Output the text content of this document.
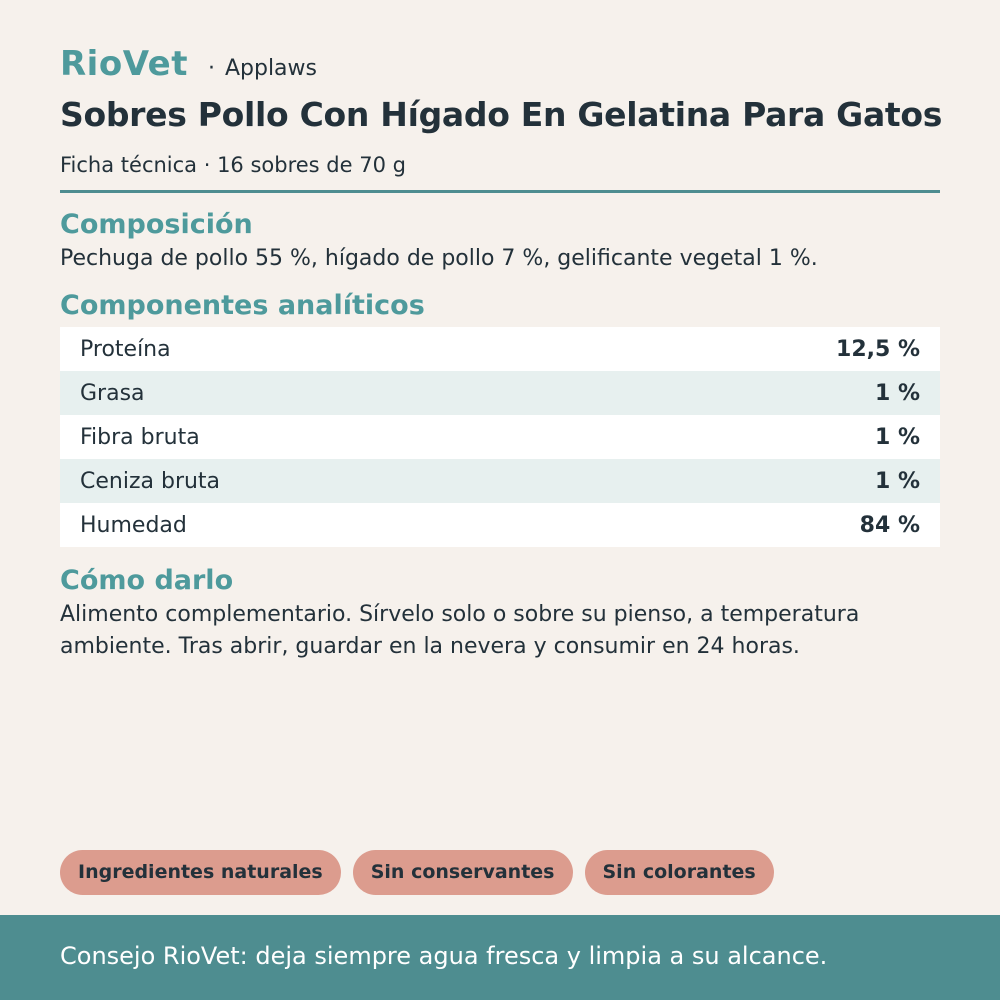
RioVet · Applaws
Sobres Pollo Con Hígado En Gelatina Para Gatos
Ficha técnica · 16 sobres de 70 g
Composición
Pechuga de pollo 55 %, hígado de pollo 7 %, gelificante vegetal 1 %.
Componentes analíticos
Proteína	12,5 %
Grasa	1 %
Fibra bruta	1 %
Ceniza bruta	1 %
Humedad	84 %
Cómo darlo
Alimento complementario. Sírvelo solo o sobre su pienso, a temperatura ambiente. Tras abrir, guardar en la nevera y consumir en 24 horas.
Ingredientes naturales	Sin conservantes	Sin colorantes
Consejo RioVet: deja siempre agua fresca y limpia a su alcance.
